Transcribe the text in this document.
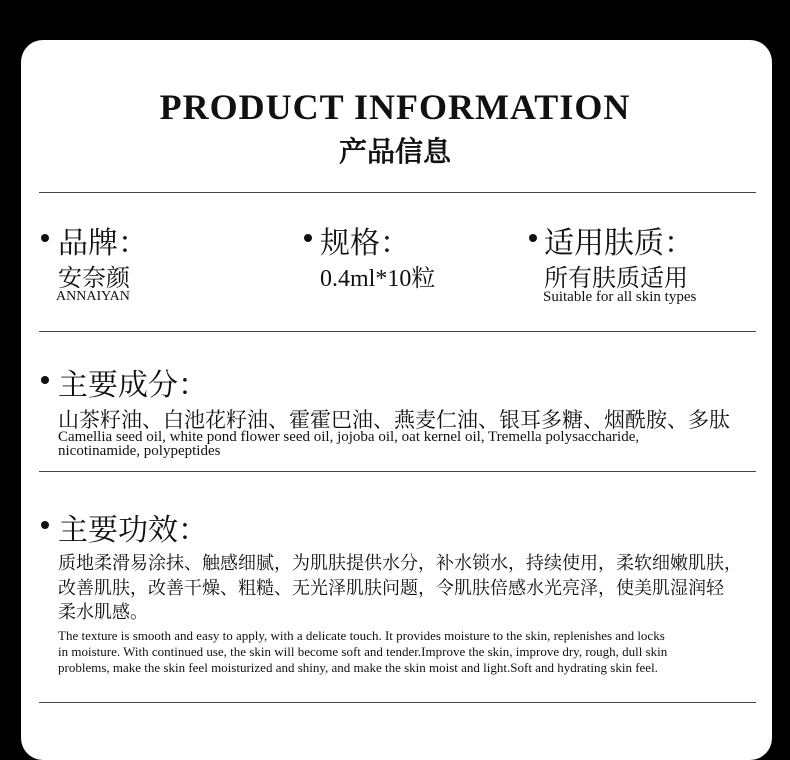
PRODUCT INFORMATION
产品信息
品牌：
安奈颜
ANNAIYAN
规格：
0.4ml*10粒
适用肤质：
所有肤质适用
Suitable for all skin types
主要成分：
山茶籽油、白池花籽油、霍霍巴油、燕麦仁油、银耳多糖、烟酰胺、多肽
Camellia seed oil, white pond flower seed oil, jojoba oil, oat kernel oil, Tremella polysaccharide,
nicotinamide, polypeptides
主要功效：
质地柔滑易涂抹、触感细腻，为肌肤提供水分，补水锁水，持续使用，柔软细嫩肌肤，
改善肌肤，改善干燥、粗糙、无光泽肌肤问题，令肌肤倍感水光亮泽，使美肌湿润轻
柔水肌感。
The texture is smooth and easy to apply, with a delicate touch. It provides moisture to the skin, replenishes and locks
in moisture. With continued use, the skin will become soft and tender.Improve the skin, improve dry, rough, dull skin
problems, make the skin feel moisturized and shiny, and make the skin moist and light.Soft and hydrating skin feel.
